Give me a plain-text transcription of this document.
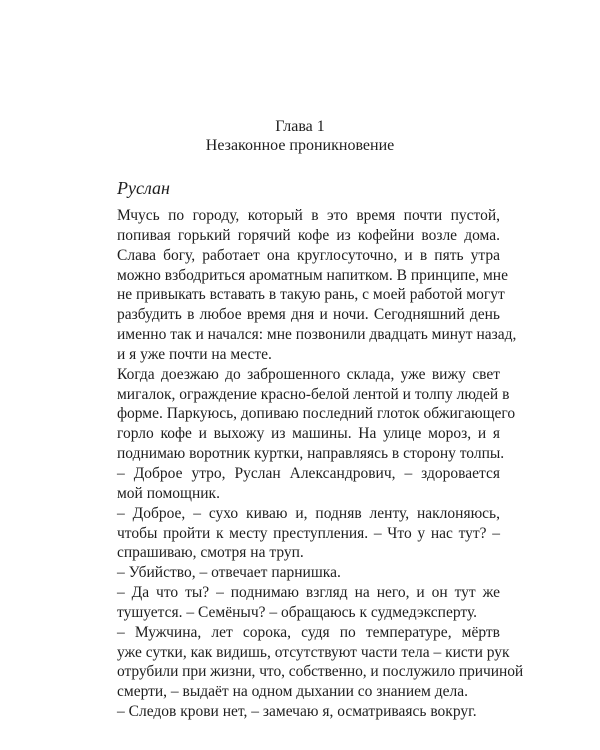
Глава 1
Незаконное проникновение
Руслан
Мчусь по городу, который в это время почти пустой,
попивая горький горячий кофе из кофейни возле дома.
Слава богу, работает она круглосуточно, и в пять утра
можно взбодриться ароматным напитком. В принципе, мне
не привыкать вставать в такую рань, с моей работой могут
разбудить в любое время дня и ночи. Сегодняшний день
именно так и начался: мне позвонили двадцать минут назад,
и я уже почти на месте.
Когда доезжаю до заброшенного склада, уже вижу свет
мигалок, ограждение красно-белой лентой и толпу людей в
форме. Паркуюсь, допиваю последний глоток обжигающего
горло кофе и выхожу из машины. На улице мороз, и я
поднимаю воротник куртки, направляясь в сторону толпы.
– Доброе утро, Руслан Александрович, – здоровается
мой помощник.
– Доброе, – сухо киваю и, подняв ленту, наклоняюсь,
чтобы пройти к месту преступления. – Что у нас тут? –
спрашиваю, смотря на труп.
– Убийство, – отвечает парнишка.
– Да что ты? – поднимаю взгляд на него, и он тут же
тушуется. – Семёныч? – обращаюсь к судмедэксперту.
– Мужчина, лет сорока, судя по температуре, мёртв
уже сутки, как видишь, отсутствуют части тела – кисти рук
отрубили при жизни, что, собственно, и послужило причиной
смерти, – выдаёт на одном дыхании со знанием дела.
– Следов крови нет, – замечаю я, осматриваясь вокруг.
